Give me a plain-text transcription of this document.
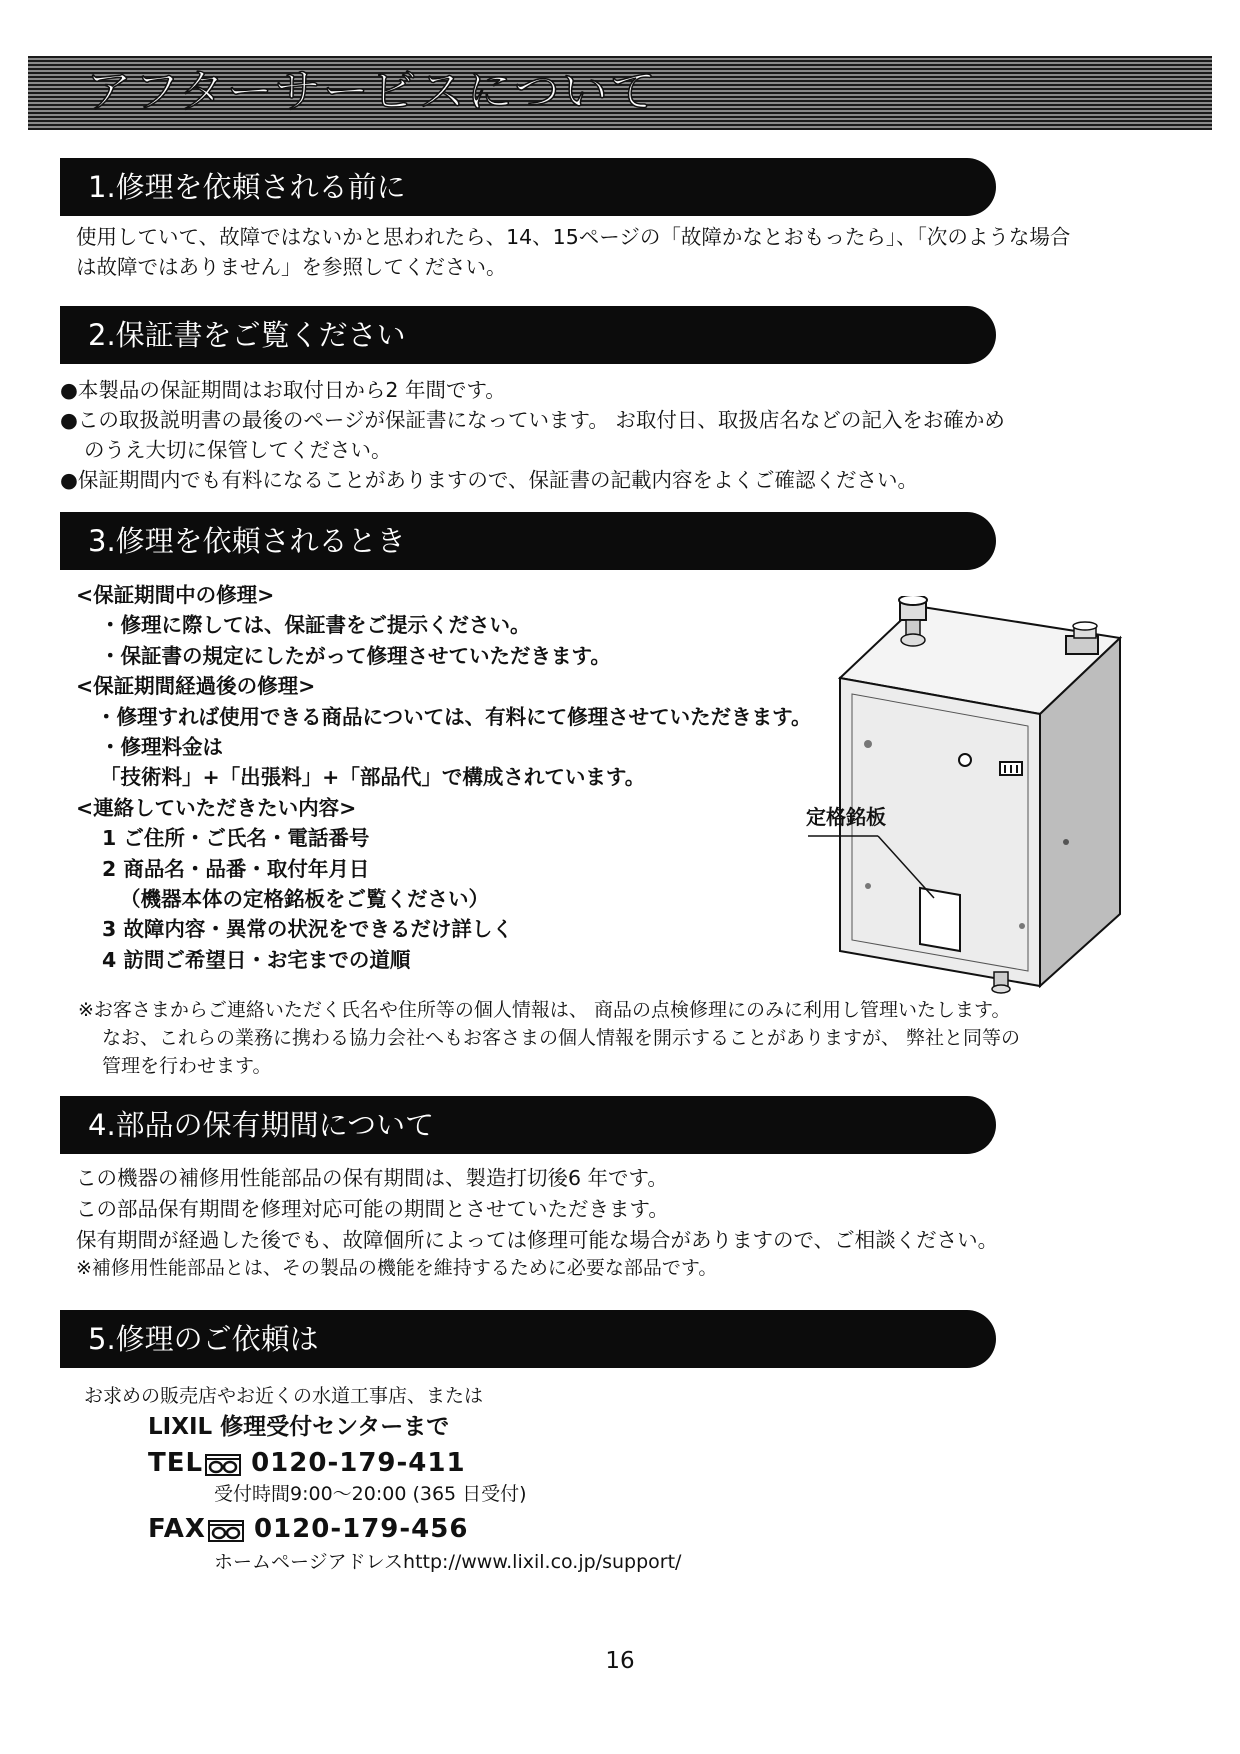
アフターサービスについて
1.修理を依頼される前に
使用していて、故障ではないかと思われたら、14、15ページの「故障かなとおもったら」、「次のような場合
は故障ではありません」を参照してください。
2.保証書をご覧ください
●本製品の保証期間はお取付日から2 年間です。
●この取扱説明書の最後のページが保証書になっています。 お取付日、取扱店名などの記入をお確かめ
のうえ大切に保管してください。
●保証期間内でも有料になることがありますので、保証書の記載内容をよくご確認ください。
3.修理を依頼されるとき
<保証期間中の修理>
・修理に際しては、保証書をご提示ください。
・保証書の規定にしたがって修理させていただきます。
<保証期間経過後の修理>
・修理すれば使用できる商品については、有料にて修理させていただきます。
・修理料金は
「技術料」+「出張料」+「部品代」で構成されています。
<連絡していただきたい内容>
1 ご住所・ご氏名・電話番号
2 商品名・品番・取付年月日
（機器本体の定格銘板をご覧ください）
3 故障内容・異常の状況をできるだけ詳しく
4 訪問ご希望日・お宅までの道順
定格銘板
※お客さまからご連絡いただく氏名や住所等の個人情報は、 商品の点検修理にのみに利用し管理いたします。
なお、これらの業務に携わる協力会社へもお客さまの個人情報を開示することがありますが、 弊社と同等の
管理を行わせます。
4.部品の保有期間について
この機器の補修用性能部品の保有期間は、製造打切後6 年です。
この部品保有期間を修理対応可能の期間とさせていただきます。
保有期間が経過した後でも、故障個所によっては修理可能な場合がありますので、ご相談ください。
※補修用性能部品とは、その製品の機能を維持するために必要な部品です。
5.修理のご依頼は
お求めの販売店やお近くの水道工事店、または
LIXIL 修理受付センターまで
TEL 0120-179-411
受付時間9:00～20:00 (365 日受付)
FAX 0120-179-456
ホームページアドレスhttp://www.lixil.co.jp/support/
16
